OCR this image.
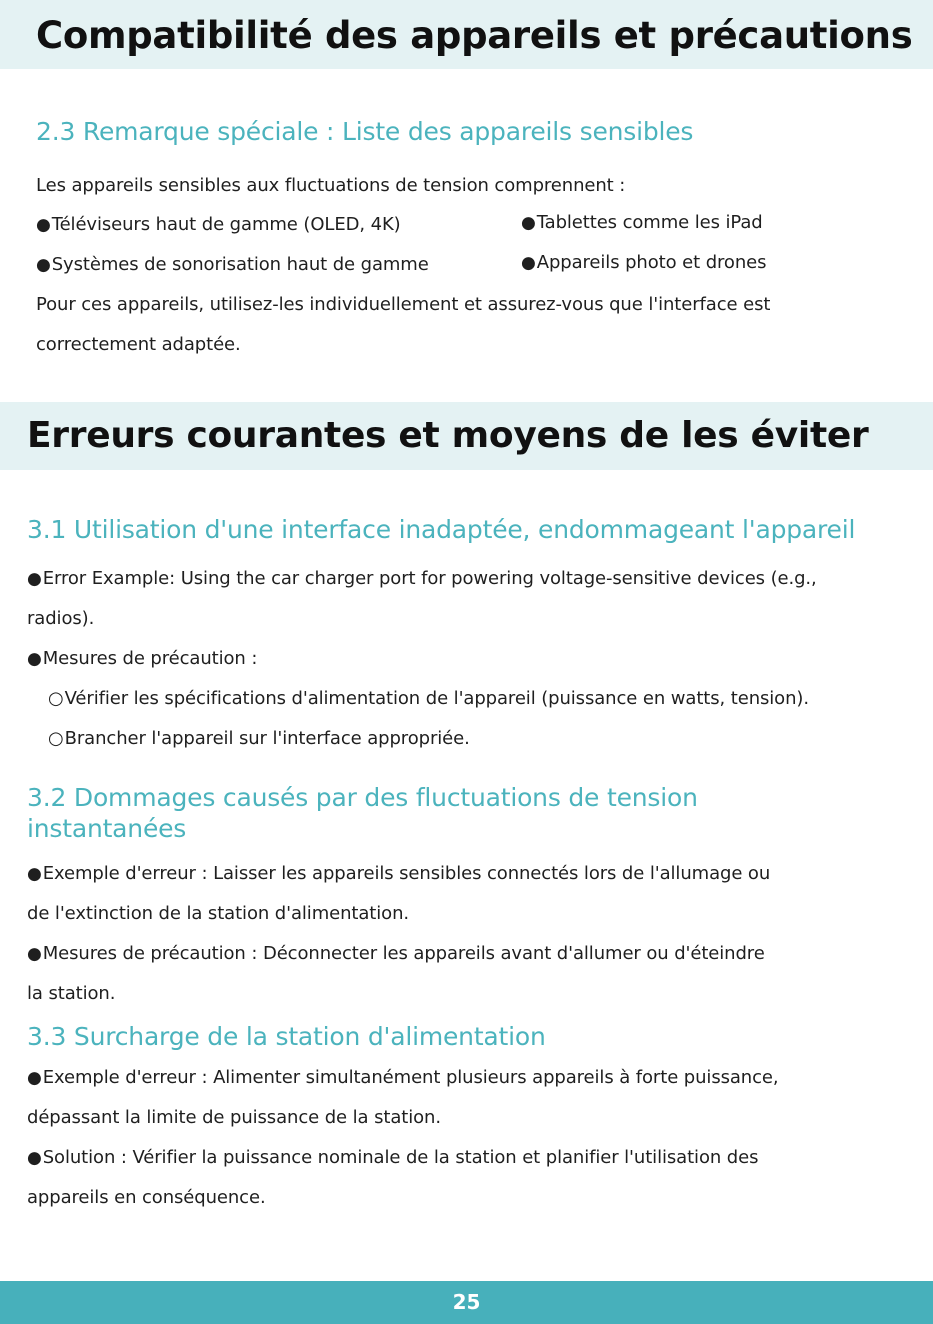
Compatibilité des appareils et précautions
2.3 Remarque spéciale : Liste des appareils sensibles

Les appareils sensibles aux fluctuations de tension comprennent :

●Téléviseurs haut de gamme (OLED, 4K)	●Tablettes comme les iPad

●Systèmes de sonorisation haut de gamme	●Appareils photo et drones

Pour ces appareils, utilisez-les individuellement et assurez-vous que l'interface est

correctement adaptée.

Erreurs courantes et moyens de les éviter
3.1 Utilisation d'une interface inadaptée, endommageant l'appareil

●Error Example: Using the car charger port for powering voltage-sensitive devices (e.g.,

radios).

●Mesures de précaution :

○Vérifier les spécifications d'alimentation de l'appareil (puissance en watts, tension).

○Brancher l'appareil sur l'interface appropriée.

3.2 Dommages causés par des fluctuations de tension
instantanées

●Exemple d'erreur : Laisser les appareils sensibles connectés lors de l'allumage ou

de l'extinction de la station d'alimentation.

●Mesures de précaution : Déconnecter les appareils avant d'allumer ou d'éteindre

la station.

3.3 Surcharge de la station d'alimentation

●Exemple d'erreur : Alimenter simultanément plusieurs appareils à forte puissance,

dépassant la limite de puissance de la station.

●Solution : Vérifier la puissance nominale de la station et planifier l'utilisation des

appareils en conséquence.

25
